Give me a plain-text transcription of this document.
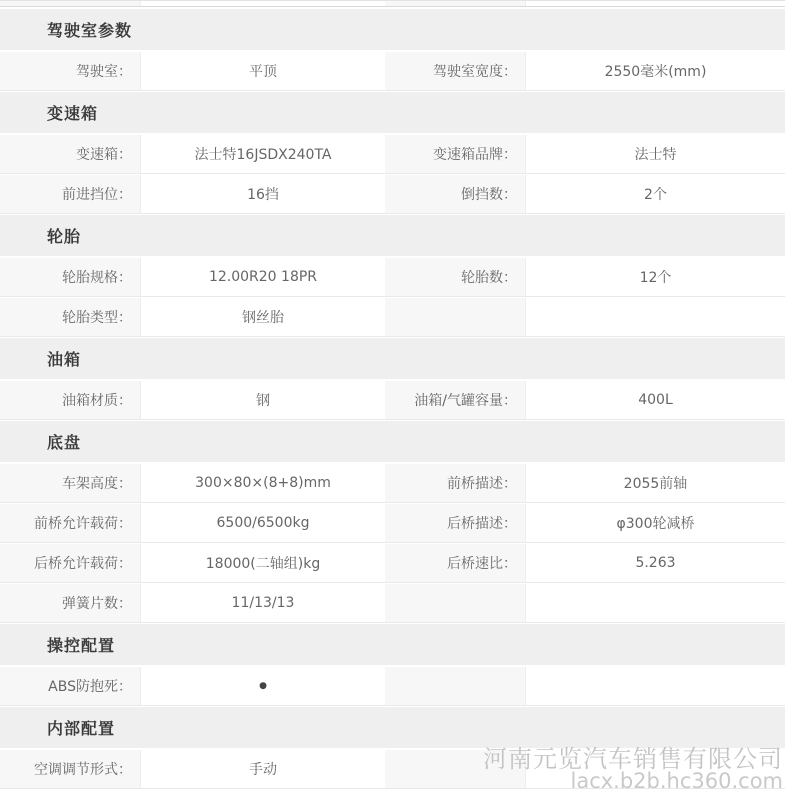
驾驶室参数
驾驶室：	平顶	驾驶室宽度：	2550毫米(mm)
变速箱
变速箱：	法士特16JSDX240TA	变速箱品牌：	法士特
前进挡位：	16挡	倒挡数：	2个
轮胎
轮胎规格：	12.00R20 18PR	轮胎数：	12个
轮胎类型：	钢丝胎
油箱
油箱材质：	钢	油箱/气罐容量：	400L
底盘
车架高度：	300×80×(8+8)mm	前桥描述：	2055前轴
前桥允许载荷：	6500/6500kg	后桥描述：	φ300轮减桥
后桥允许载荷：	18000(二轴组)kg	后桥速比：	5.263
弹簧片数：	11/13/13
操控配置
ABS防抱死：	●
内部配置
空调调节形式：	手动	河南元览汽车销售有限公司
lacx.b2b.hc360.com
